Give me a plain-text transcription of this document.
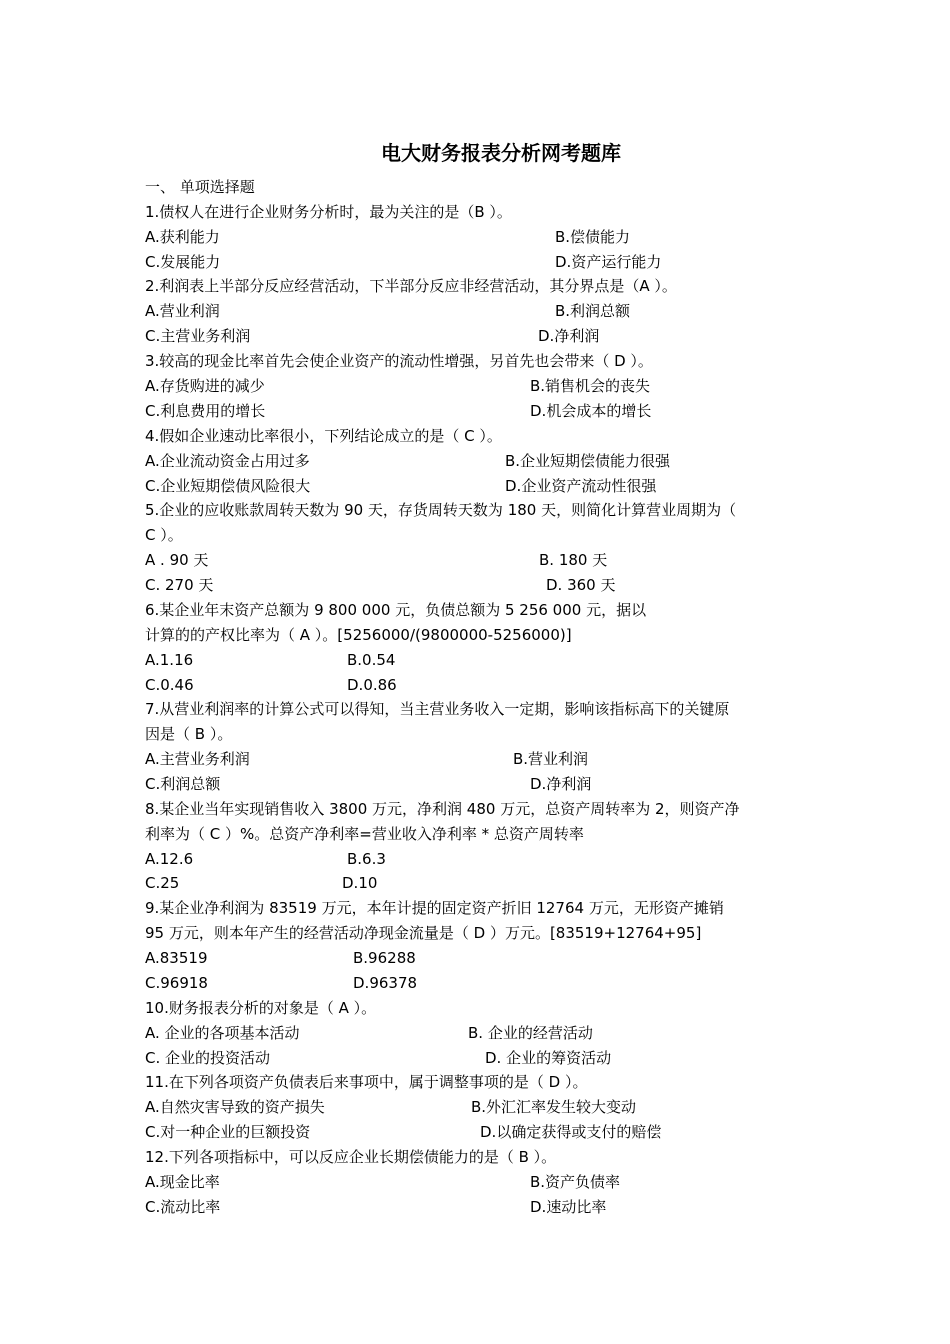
电大财务报表分析网考题库
一、 单项选择题
1.债权人在进行企业财务分析时，最为关注的是（B ）。
A.获利能力	B.偿债能力
C.发展能力	D.资产运行能力
2.利润表上半部分反应经营活动，下半部分反应非经营活动，其分界点是（A ）。
A.营业利润	B.利润总额
C.主营业务利润	D.净利润
3.较高的现金比率首先会使企业资产的流动性增强，另首先也会带来（ D ）。
A.存货购进的减少	B.销售机会的丧失
C.利息费用的增长	D.机会成本的增长
4.假如企业速动比率很小，下列结论成立的是（ C ）。
A.企业流动资金占用过多	B.企业短期偿债能力很强
C.企业短期偿债风险很大	D.企业资产流动性很强
5.企业的应收账款周转天数为 90 天，存货周转天数为 180 天，则简化计算营业周期为（
C ）。
A . 90 天	B. 180 天
C. 270 天	D. 360 天
6.某企业年末资产总额为 9 800 000 元，负债总额为 5 256 000 元，据以
计算的的产权比率为（ A ）。[5256000/(9800000-5256000)]
A.1.16	B.0.54
C.0.46	D.0.86
7.从营业利润率的计算公式可以得知，当主营业务收入一定期，影响该指标高下的关键原
因是（ B ）。
A.主营业务利润	B.营业利润
C.利润总额	D.净利润
8.某企业当年实现销售收入 3800 万元，净利润 480 万元，总资产周转率为 2，则资产净
利率为（ C ）%。总资产净利率=营业收入净利率 * 总资产周转率
A.12.6	B.6.3
C.25	D.10
9.某企业净利润为 83519 万元，本年计提的固定资产折旧 12764 万元，无形资产摊销
95 万元，则本年产生的经营活动净现金流量是（ D ）万元。[83519+12764+95]
A.83519	B.96288
C.96918	D.96378
10.财务报表分析的对象是（ A ）。
A. 企业的各项基本活动	B. 企业的经营活动
C. 企业的投资活动	D. 企业的筹资活动
11.在下列各项资产负债表后来事项中，属于调整事项的是（ D ）。
A.自然灾害导致的资产损失	B.外汇汇率发生较大变动
C.对一种企业的巨额投资	D.以确定获得或支付的赔偿
12.下列各项指标中，可以反应企业长期偿债能力的是（ B ）。
A.现金比率	B.资产负债率
C.流动比率	D.速动比率
